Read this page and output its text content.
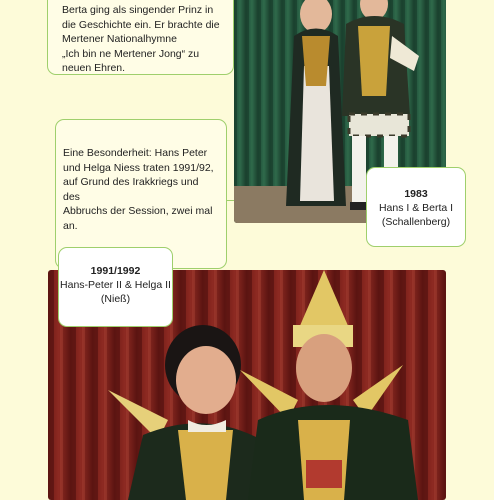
Berta ging als singender Prinz in

die Geschichte ein. Er brachte die

Mertener Nationalhymne

„Ich bin ne Mertener Jong“ zu

neuen Ehren.

Eine Besonderheit: Hans Peter

und Helga Niess traten 1991/92,

auf Grund des Irakkriegs und des

Abbruchs der Session, zwei mal

an.

1983
Hans I & Berta I
(Schallenberg)
1991/1992
Hans-Peter II & Helga II
(Nieß)
